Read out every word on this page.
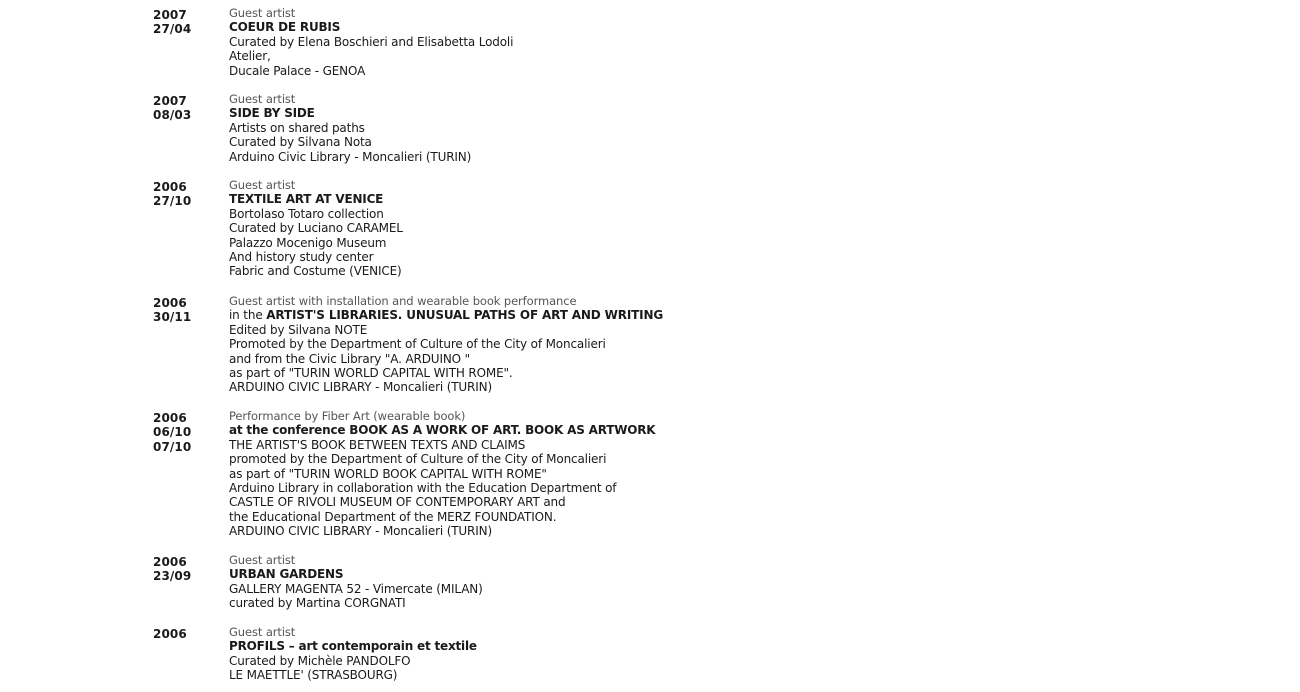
2007
27/04
Guest artist
COEUR DE RUBIS
Curated by Elena Boschieri and Elisabetta Lodoli
Atelier,
Ducale Palace - GENOA
2007
08/03
Guest artist
SIDE BY SIDE
Artists on shared paths
Curated by Silvana Nota
Arduino Civic Library - Moncalieri (TURIN)
2006
27/10
Guest artist
TEXTILE ART AT VENICE
Bortolaso Totaro collection
Curated by Luciano CARAMEL
Palazzo Mocenigo Museum
And history study center
Fabric and Costume (VENICE)
2006
30/11
Guest artist with installation and wearable book performance
in the ARTIST'S LIBRARIES. UNUSUAL PATHS OF ART AND WRITING
Edited by Silvana NOTE
Promoted by the Department of Culture of the City of Moncalieri
and from the Civic Library "A. ARDUINO "
as part of "TURIN WORLD CAPITAL WITH ROME".
ARDUINO CIVIC LIBRARY - Moncalieri (TURIN)
2006
06/10
07/10
Performance by Fiber Art (wearable book)
at the conference BOOK AS A WORK OF ART. BOOK AS ARTWORK
THE ARTIST'S BOOK BETWEEN TEXTS AND CLAIMS
promoted by the Department of Culture of the City of Moncalieri
as part of "TURIN WORLD BOOK CAPITAL WITH ROME"
Arduino Library in collaboration with the Education Department of
CASTLE OF RIVOLI MUSEUM OF CONTEMPORARY ART and
the Educational Department of the MERZ FOUNDATION.
ARDUINO CIVIC LIBRARY - Moncalieri (TURIN)
2006
23/09
Guest artist
URBAN GARDENS
GALLERY MAGENTA 52 - Vimercate (MILAN)
curated by Martina CORGNATI
2006	Guest artist
PROFILS – art contemporain et textile
Curated by Michèle PANDOLFO
LE MAETTLE' (STRASBOURG)
